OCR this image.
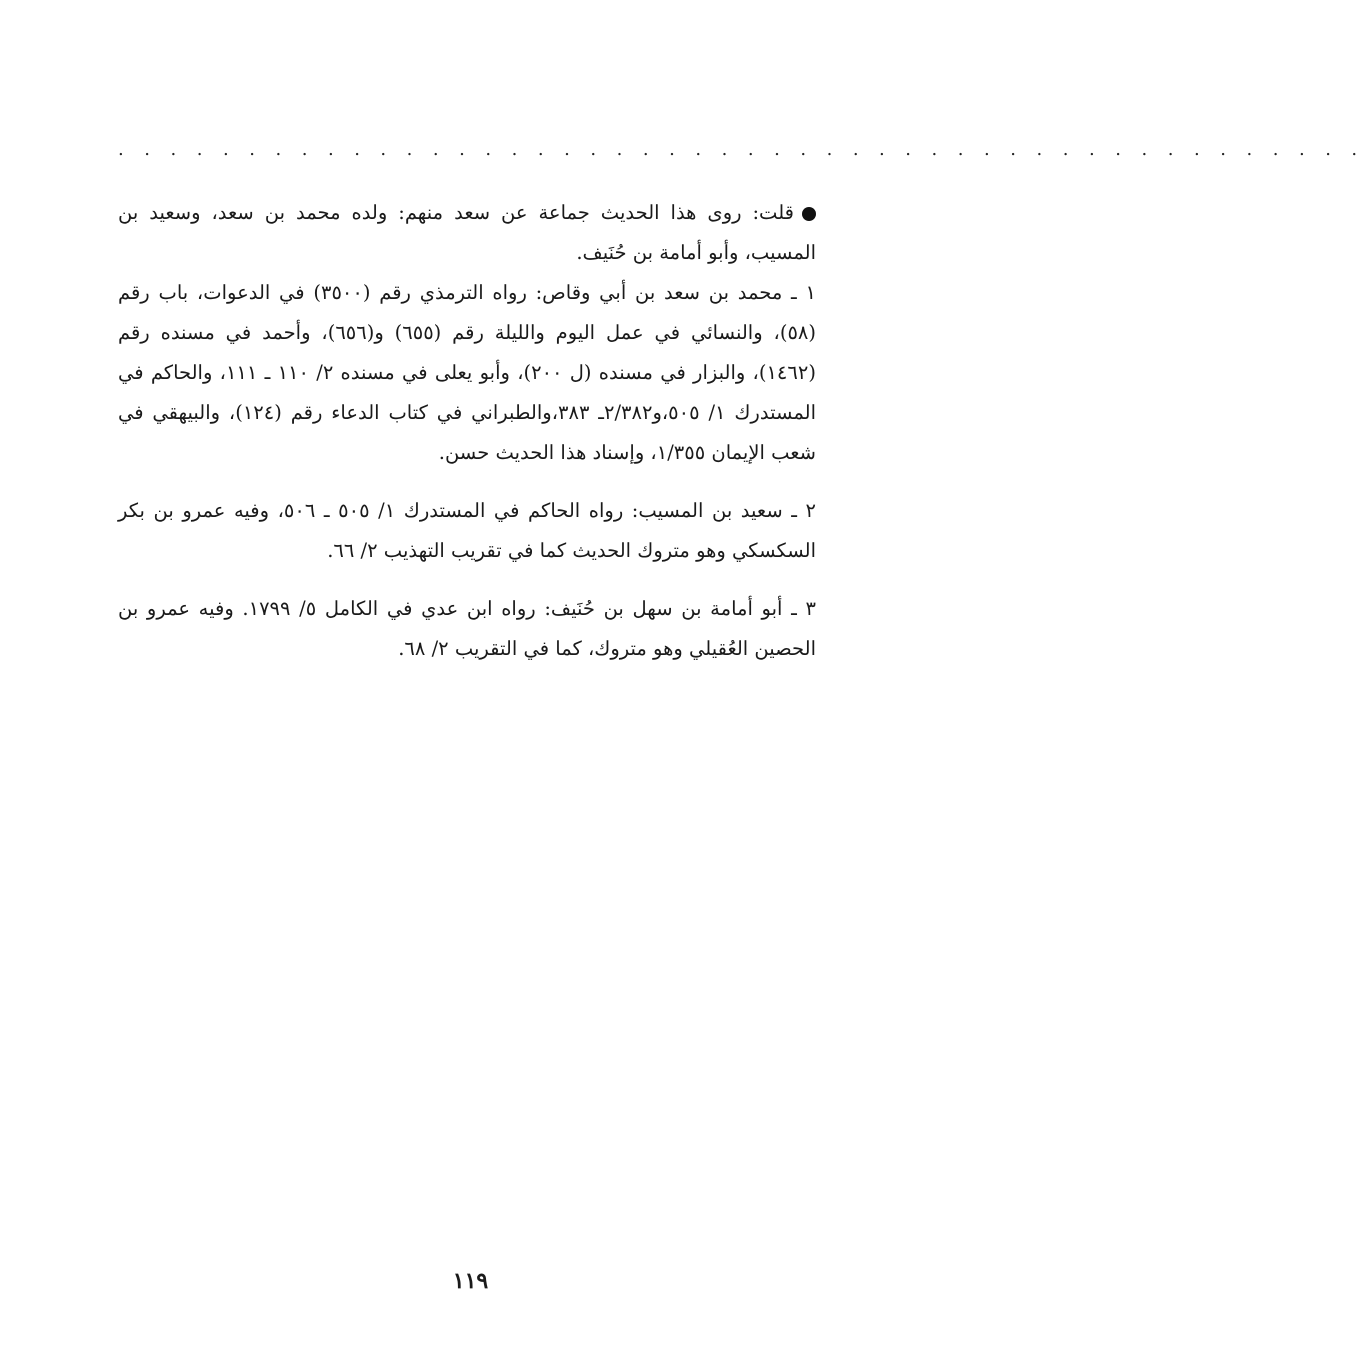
. . . . . . . . . . . . . . . . . . . . . . . . . . . . . . . . . . . . . . . . . . . . . . . .

قلت: روى هذا الحديث جماعة عن سعد منهم: ولده محمد بن سعد، وسعيد بن المسيب، وأبو أمامة بن حُنَيف.

١ ـ محمد بن سعد بن أبي وقاص: رواه الترمذي رقم (٣٥٠٠) في الدعوات، باب رقم (٥٨)، والنسائي في عمل اليوم والليلة رقم (٦٥٥) و(٦٥٦)، وأحمد في مسنده رقم (١٤٦٢)، والبزار في مسنده (ل ٢٠٠)، وأبو يعلى في مسنده ٢/ ١١٠ ـ ١١١، والحاكم في المستدرك ١/ ٥٠٥،و٢/٣٨٢ـ ٣٨٣،والطبراني في كتاب الدعاء رقم (١٢٤)، والبيهقي في شعب الإيمان ١/٣٥٥، وإسناد هذا الحديث حسن.

٢ ـ سعيد بن المسيب: رواه الحاكم في المستدرك ١/ ٥٠٥ ـ ٥٠٦، وفيه عمرو بن بكر السكسكي وهو متروك الحديث كما في تقريب التهذيب ٢/ ٦٦.

٣ ـ أبو أمامة بن سهل بن حُنَيف: رواه ابن عدي في الكامل ٥/ ١٧٩٩. وفيه عمرو بن الحصين العُقيلي وهو متروك، كما في التقريب ٢/ ٦٨.

١١٩
